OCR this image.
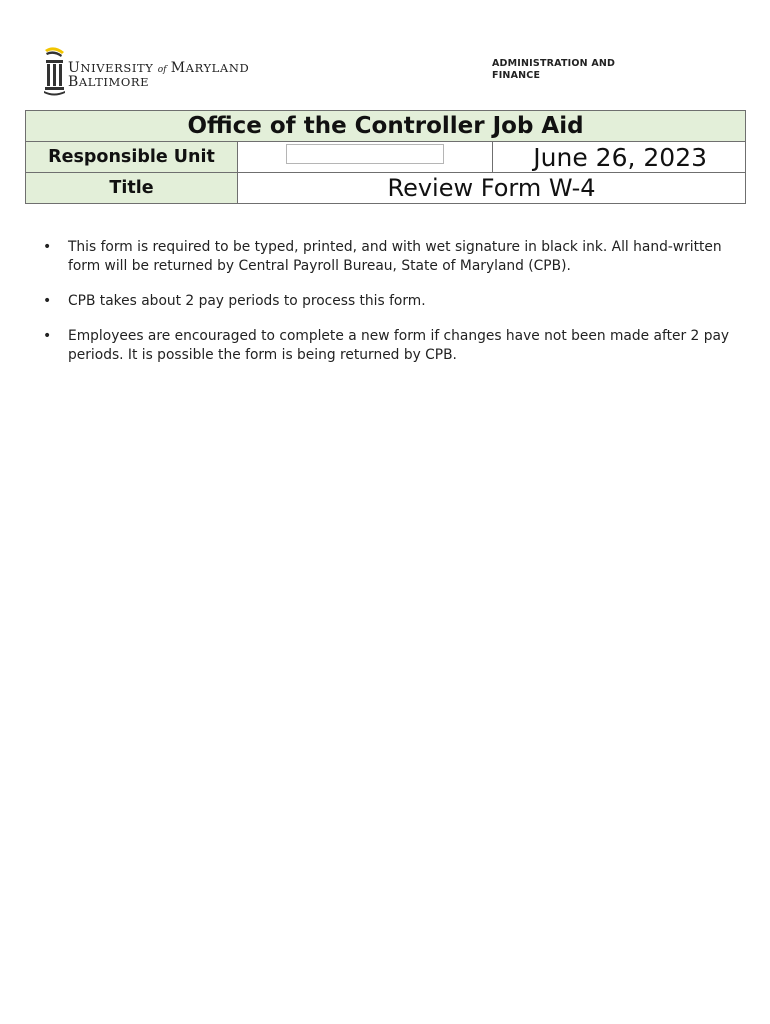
UNIVERSITY of MARYLAND
BALTIMORE
ADMINISTRATION AND
FINANCE
Office of the Controller Job Aid		
Responsible Unit		June 26, 2023
Title	Review Form W-4	
• This form is required to be typed, printed, and with wet signature in black ink. All hand-written form will be returned by Central Payroll Bureau, State of Maryland (CPB).
• CPB takes about 2 pay periods to process this form.
• Employees are encouraged to complete a new form if changes have not been made after 2 pay periods. It is possible the form is being returned by CPB.
